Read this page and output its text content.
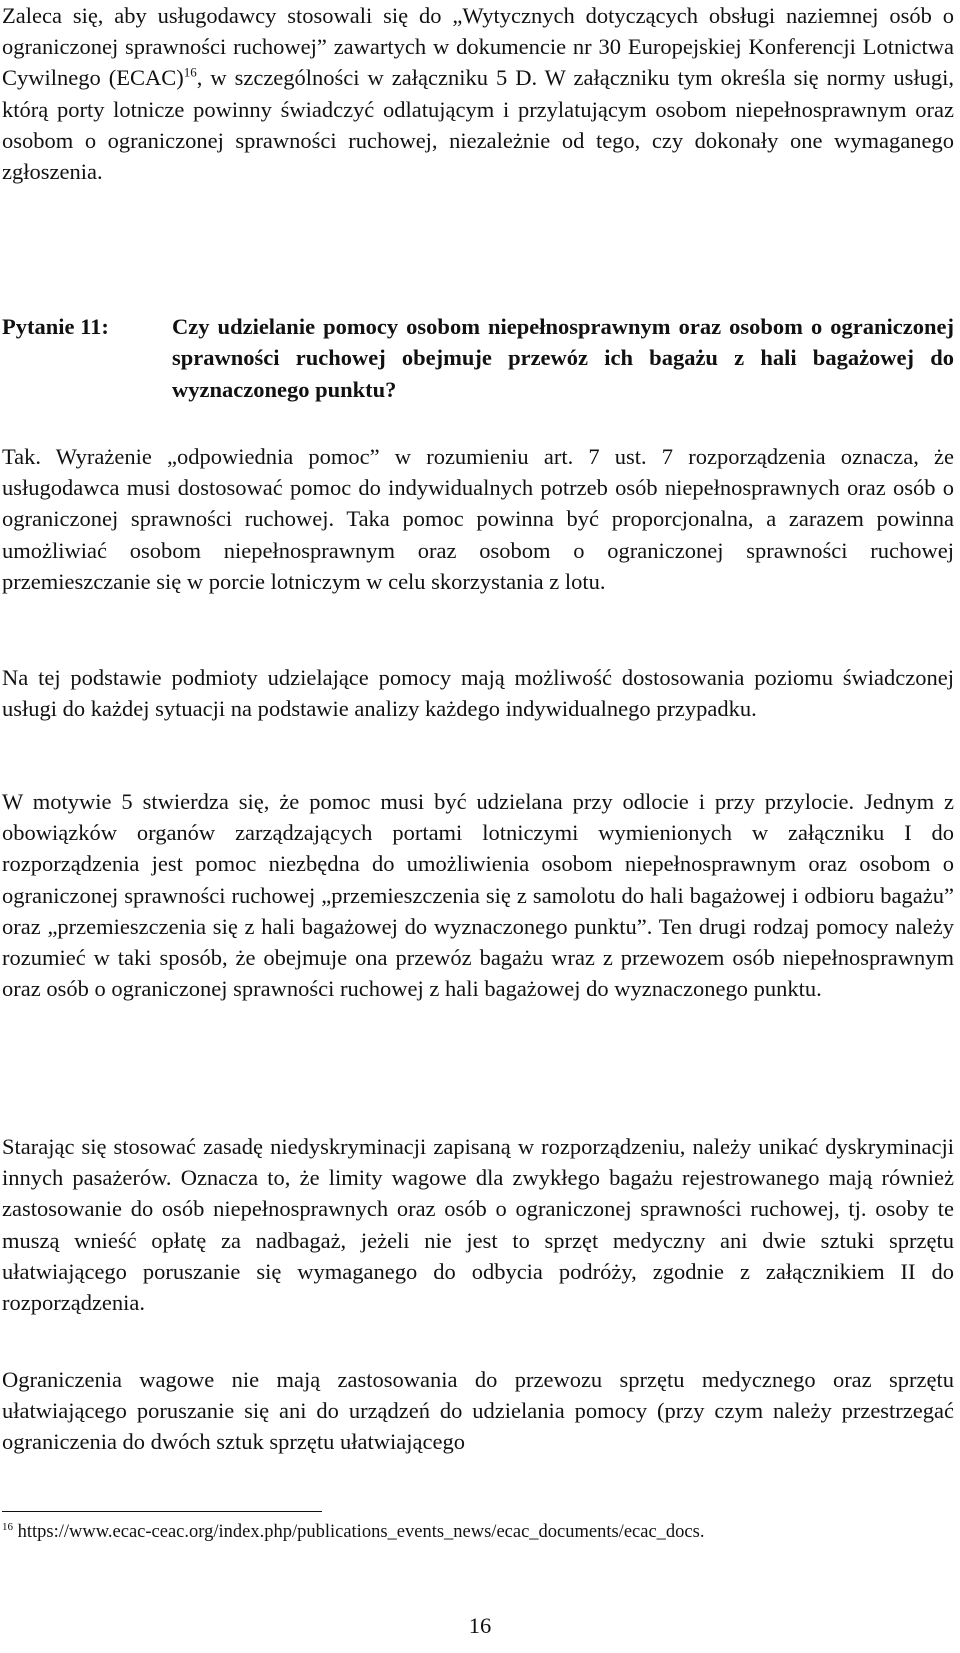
Zaleca się, aby usługodawcy stosowali się do „Wytycznych dotyczących obsługi naziemnej osób o ograniczonej sprawności ruchowej” zawartych w dokumencie nr 30 Europejskiej Konferencji Lotnictwa Cywilnego (ECAC)$^{16}$, w szczególności w załączniku 5 D. W załączniku tym określa się normy usługi, którą porty lotnicze powinny świadczyć odlatującym i przylatującym osobom niepełnosprawnym oraz osobom o ograniczonej sprawności ruchowej, niezależnie od tego, czy dokonały one wymaganego zgłoszenia.
Pytanie 11:	Czy udzielanie pomocy osobom niepełnosprawnym oraz osobom o ograniczonej sprawności ruchowej obejmuje przewóz ich bagażu z hali bagażowej do wyznaczonego punktu?
Tak. Wyrażenie „odpowiednia pomoc” w rozumieniu art. 7 ust. 7 rozporządzenia oznacza, że usługodawca musi dostosować pomoc do indywidualnych potrzeb osób niepełnosprawnych oraz osób o ograniczonej sprawności ruchowej. Taka pomoc powinna być proporcjonalna, a zarazem powinna umożliwiać osobom niepełnosprawnym oraz osobom o ograniczonej sprawności ruchowej przemieszczanie się w porcie lotniczym w celu skorzystania z lotu.
Na tej podstawie podmioty udzielające pomocy mają możliwość dostosowania poziomu świadczonej usługi do każdej sytuacji na podstawie analizy każdego indywidualnego przypadku.
W motywie 5 stwierdza się, że pomoc musi być udzielana przy odlocie i przy przylocie. Jednym z obowiązków organów zarządzających portami lotniczymi wymienionych w załączniku I do rozporządzenia jest pomoc niezbędna do umożliwienia osobom niepełnosprawnym oraz osobom o ograniczonej sprawności ruchowej „przemieszczenia się z samolotu do hali bagażowej i odbioru bagażu” oraz „przemieszczenia się z hali bagażowej do wyznaczonego punktu”. Ten drugi rodzaj pomocy należy rozumieć w taki sposób, że obejmuje ona przewóz bagażu wraz z przewozem osób niepełnosprawnym oraz osób o ograniczonej sprawności ruchowej z hali bagażowej do wyznaczonego punktu.
Starając się stosować zasadę niedyskryminacji zapisaną w rozporządzeniu, należy unikać dyskryminacji innych pasażerów. Oznacza to, że limity wagowe dla zwykłego bagażu rejestrowanego mają również zastosowanie do osób niepełnosprawnych oraz osób o ograniczonej sprawności ruchowej, tj. osoby te muszą wnieść opłatę za nadbagaż, jeżeli nie jest to sprzęt medyczny ani dwie sztuki sprzętu ułatwiającego poruszanie się wymaganego do odbycia podróży, zgodnie z załącznikiem II do rozporządzenia.
Ograniczenia wagowe nie mają zastosowania do przewozu sprzętu medycznego oraz sprzętu ułatwiającego poruszanie się ani do urządzeń do udzielania pomocy (przy czym należy przestrzegać ograniczenia do dwóch sztuk sprzętu ułatwiającego
$^{16}$ https://www.ecac-ceac.org/index.php/publications_events_news/ecac_documents/ecac_docs.
16
